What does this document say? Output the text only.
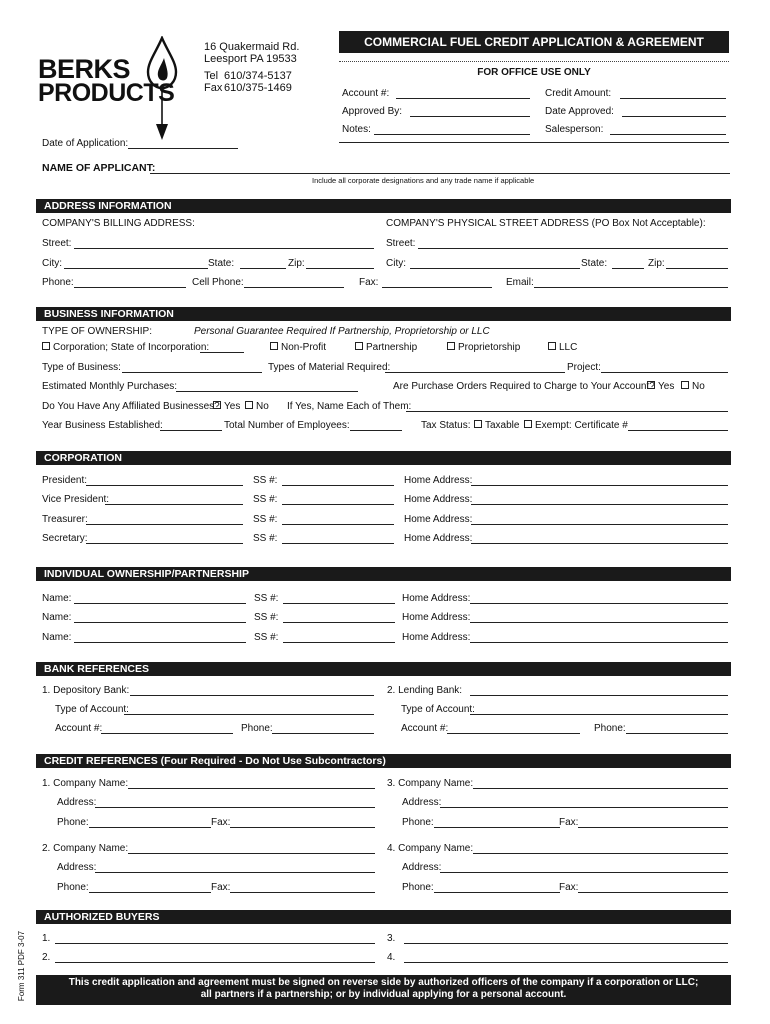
BERKS
PRODUCTS
16 Quakermaid Rd.
Leesport PA 19533
Tel 610/374-5137
Fax 610/375-1469
COMMERCIAL FUEL CREDIT APPLICATION & AGREEMENT
FOR OFFICE USE ONLY
Account #:	Credit Amount:
Approved By:	Date Approved:
Notes:	Salesperson:
Date of Application:
NAME OF APPLICANT:
Include all corporate designations and any trade name if applicable
ADDRESS INFORMATION
COMPANY'S BILLING ADDRESS:	COMPANY'S PHYSICAL STREET ADDRESS (PO Box Not Acceptable):
Street:	Street:
City:	State:	Zip:	City:	State:	Zip:
Phone:	Cell Phone:	Fax:	Email:
BUSINESS INFORMATION
TYPE OF OWNERSHIP:	Personal Guarantee Required If Partnership, Proprietorship or LLC
Corporation; State of Incorporation:	Non-Profit	Partnership	Proprietorship	LLC
Type of Business:	Types of Material Required:	Project:
Estimated Monthly Purchases:	Are Purchase Orders Required to Charge to Your Account? Yes	No
Do You Have Any Affiliated Businesses? Yes	No If Yes, Name Each of Them:
Year Business Established:	Total Number of Employees:	Tax Status:	Taxable	Exempt: Certificate #
CORPORATION
President:	SS #:	Home Address:
Vice President:	SS #:	Home Address:
Treasurer:	SS #:	Home Address:
Secretary:	SS #:	Home Address:
INDIVIDUAL OWNERSHIP/PARTNERSHIP
Name:	SS #:	Home Address:
Name:	SS #:	Home Address:
Name:	SS #:	Home Address:
BANK REFERENCES
1. Depository Bank:	2. Lending Bank:
Type of Account:	Type of Account:
Account #:	Phone:	Account #:	Phone:
CREDIT REFERENCES (Four Required - Do Not Use Subcontractors)
1. Company Name:
Address:
Phone:	Fax:
3. Company Name:
Address:
Phone:	Fax:
2. Company Name:
Address:
Phone:	Fax:
4. Company Name:
Address:
Phone:	Fax:
AUTHORIZED BUYERS
1.	3.
2.	4.
This credit application and agreement must be signed on reverse side by authorized officers of the company if a corporation or LLC;
all partners if a partnership; or by individual applying for a personal account.
Form 311 PDF 3-07
